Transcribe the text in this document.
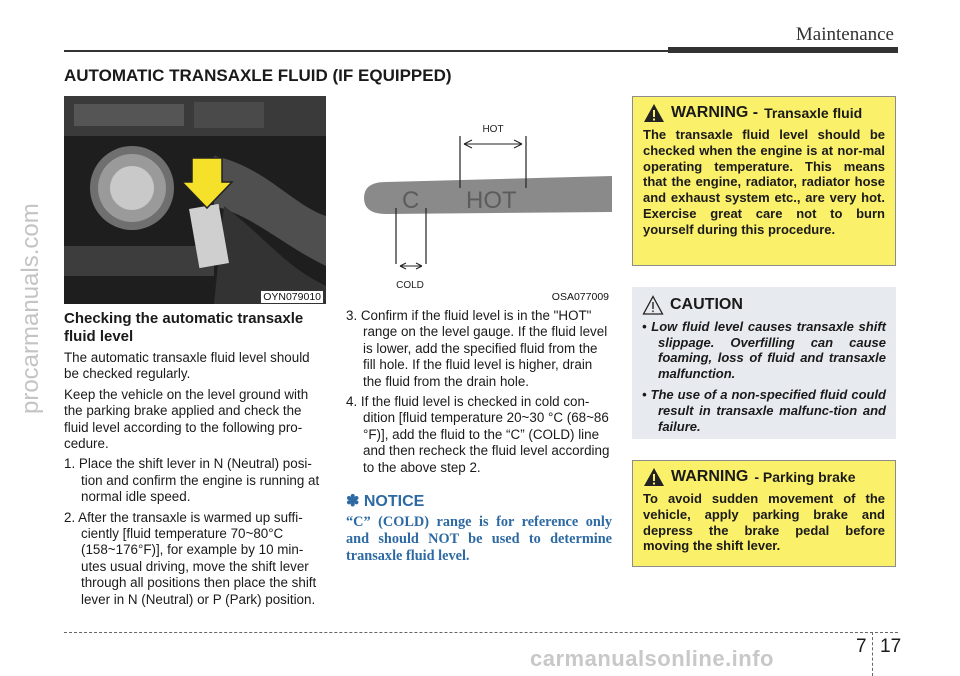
Maintenance
procarmanuals.com
AUTOMATIC TRANSAXLE FLUID (IF EQUIPPED)
OYN079010
C HOT
HOT
COLD
OSA077009
Checking the automatic transaxle fluid level

The automatic transaxle fluid level should be checked regularly.

Keep the vehicle on the level ground with the parking brake applied and check the fluid level according to the following pro-cedure.

1. Place the shift lever in N (Neutral) posi-tion and confirm the engine is running at normal idle speed.

2. After the transaxle is warmed up suffi-ciently [fluid temperature 70~80°C (158~176°F)], for example by 10 min-utes usual driving, move the shift lever through all positions then place the shift lever in N (Neutral) or P (Park) position.

3. Confirm if the fluid level is in the "HOT" range on the level gauge. If the fluid level is lower, add the specified fluid from the fill hole. If the fluid level is higher, drain the fluid from the drain hole.

4. If the fluid level is checked in cold con-dition [fluid temperature 20~30 °C (68~86 °F)], add the fluid to the “C” (COLD) line and then recheck the fluid level according to the above step 2.

✽ NOTICE
“C” (COLD) range is for reference only and should NOT be used to determine transaxle fluid level.
WARNING - Transaxle fluid
The transaxle fluid level should be checked when the engine is at nor-mal operating temperature. This means that the engine, radiator, radiator hose and exhaust system etc., are very hot. Exercise great care not to burn yourself during this procedure.
CAUTION
• Low fluid level causes transaxle shift slippage. Overfilling can cause foaming, loss of fluid and transaxle malfunction.
• The use of a non-specified fluid could result in transaxle malfunc-tion and failure.
WARNING - Parking brake
To avoid sudden movement of the vehicle, apply parking brake and depress the brake pedal before moving the shift lever.
7 17
carmanualsonline.info
